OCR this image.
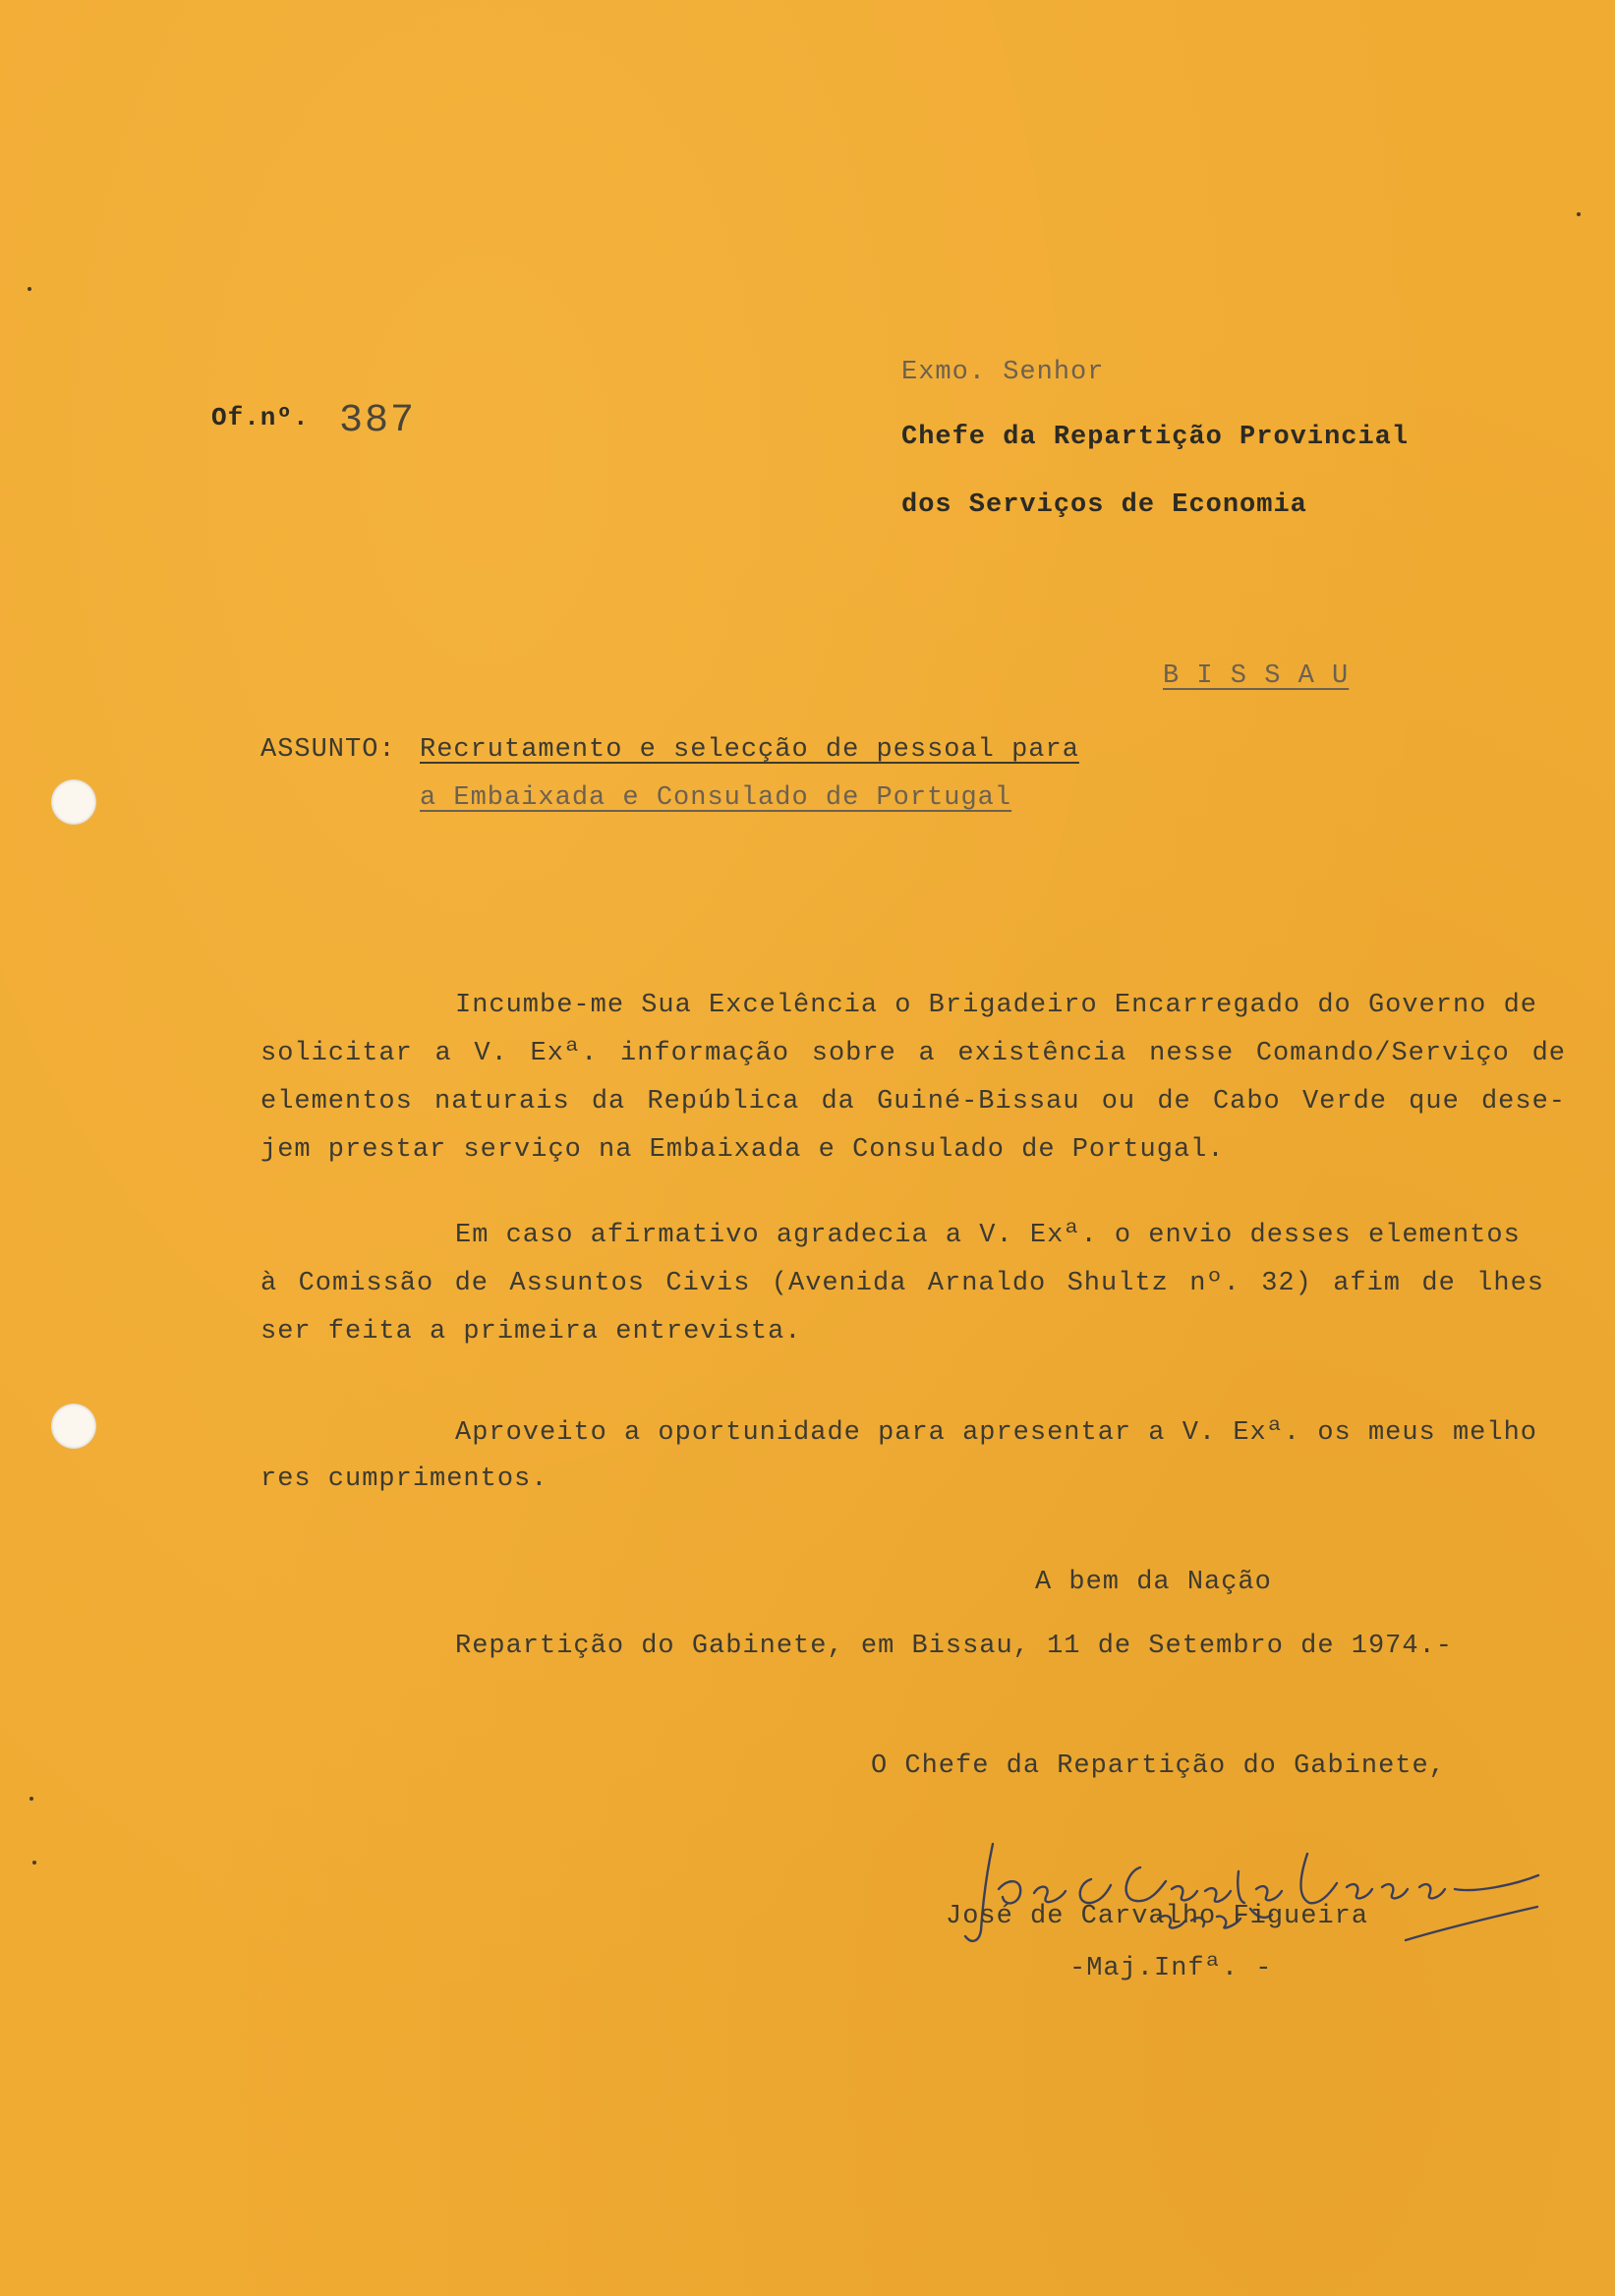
Of.nº. 387
Exmo. Senhor
Chefe da Repartição Provincial
dos Serviços de Economia
B I S S A U
ASSUNTO: Recrutamento e selecção de pessoal para
a Embaixada e Consulado de Portugal
Incumbe-me Sua Excelência o Brigadeiro Encarregado do Governo de
solicitar a V. Exª. informação sobre a existência nesse Comando/Serviço de
elementos naturais da República da Guiné-Bissau ou de Cabo Verde que dese-
jem prestar serviço na Embaixada e Consulado de Portugal.
Em caso afirmativo agradecia a V. Exª. o envio desses elementos
à Comissão de Assuntos Civis (Avenida Arnaldo Shultz nº. 32) afim de lhes
ser feita a primeira entrevista.
Aproveito a oportunidade para apresentar a V. Exª. os meus melho
res cumprimentos.
A bem da Nação
Repartição do Gabinete, em Bissau, 11 de Setembro de 1974.-
O Chefe da Repartição do Gabinete,

José de Carvalho Figueira
-Maj.Infª. -
